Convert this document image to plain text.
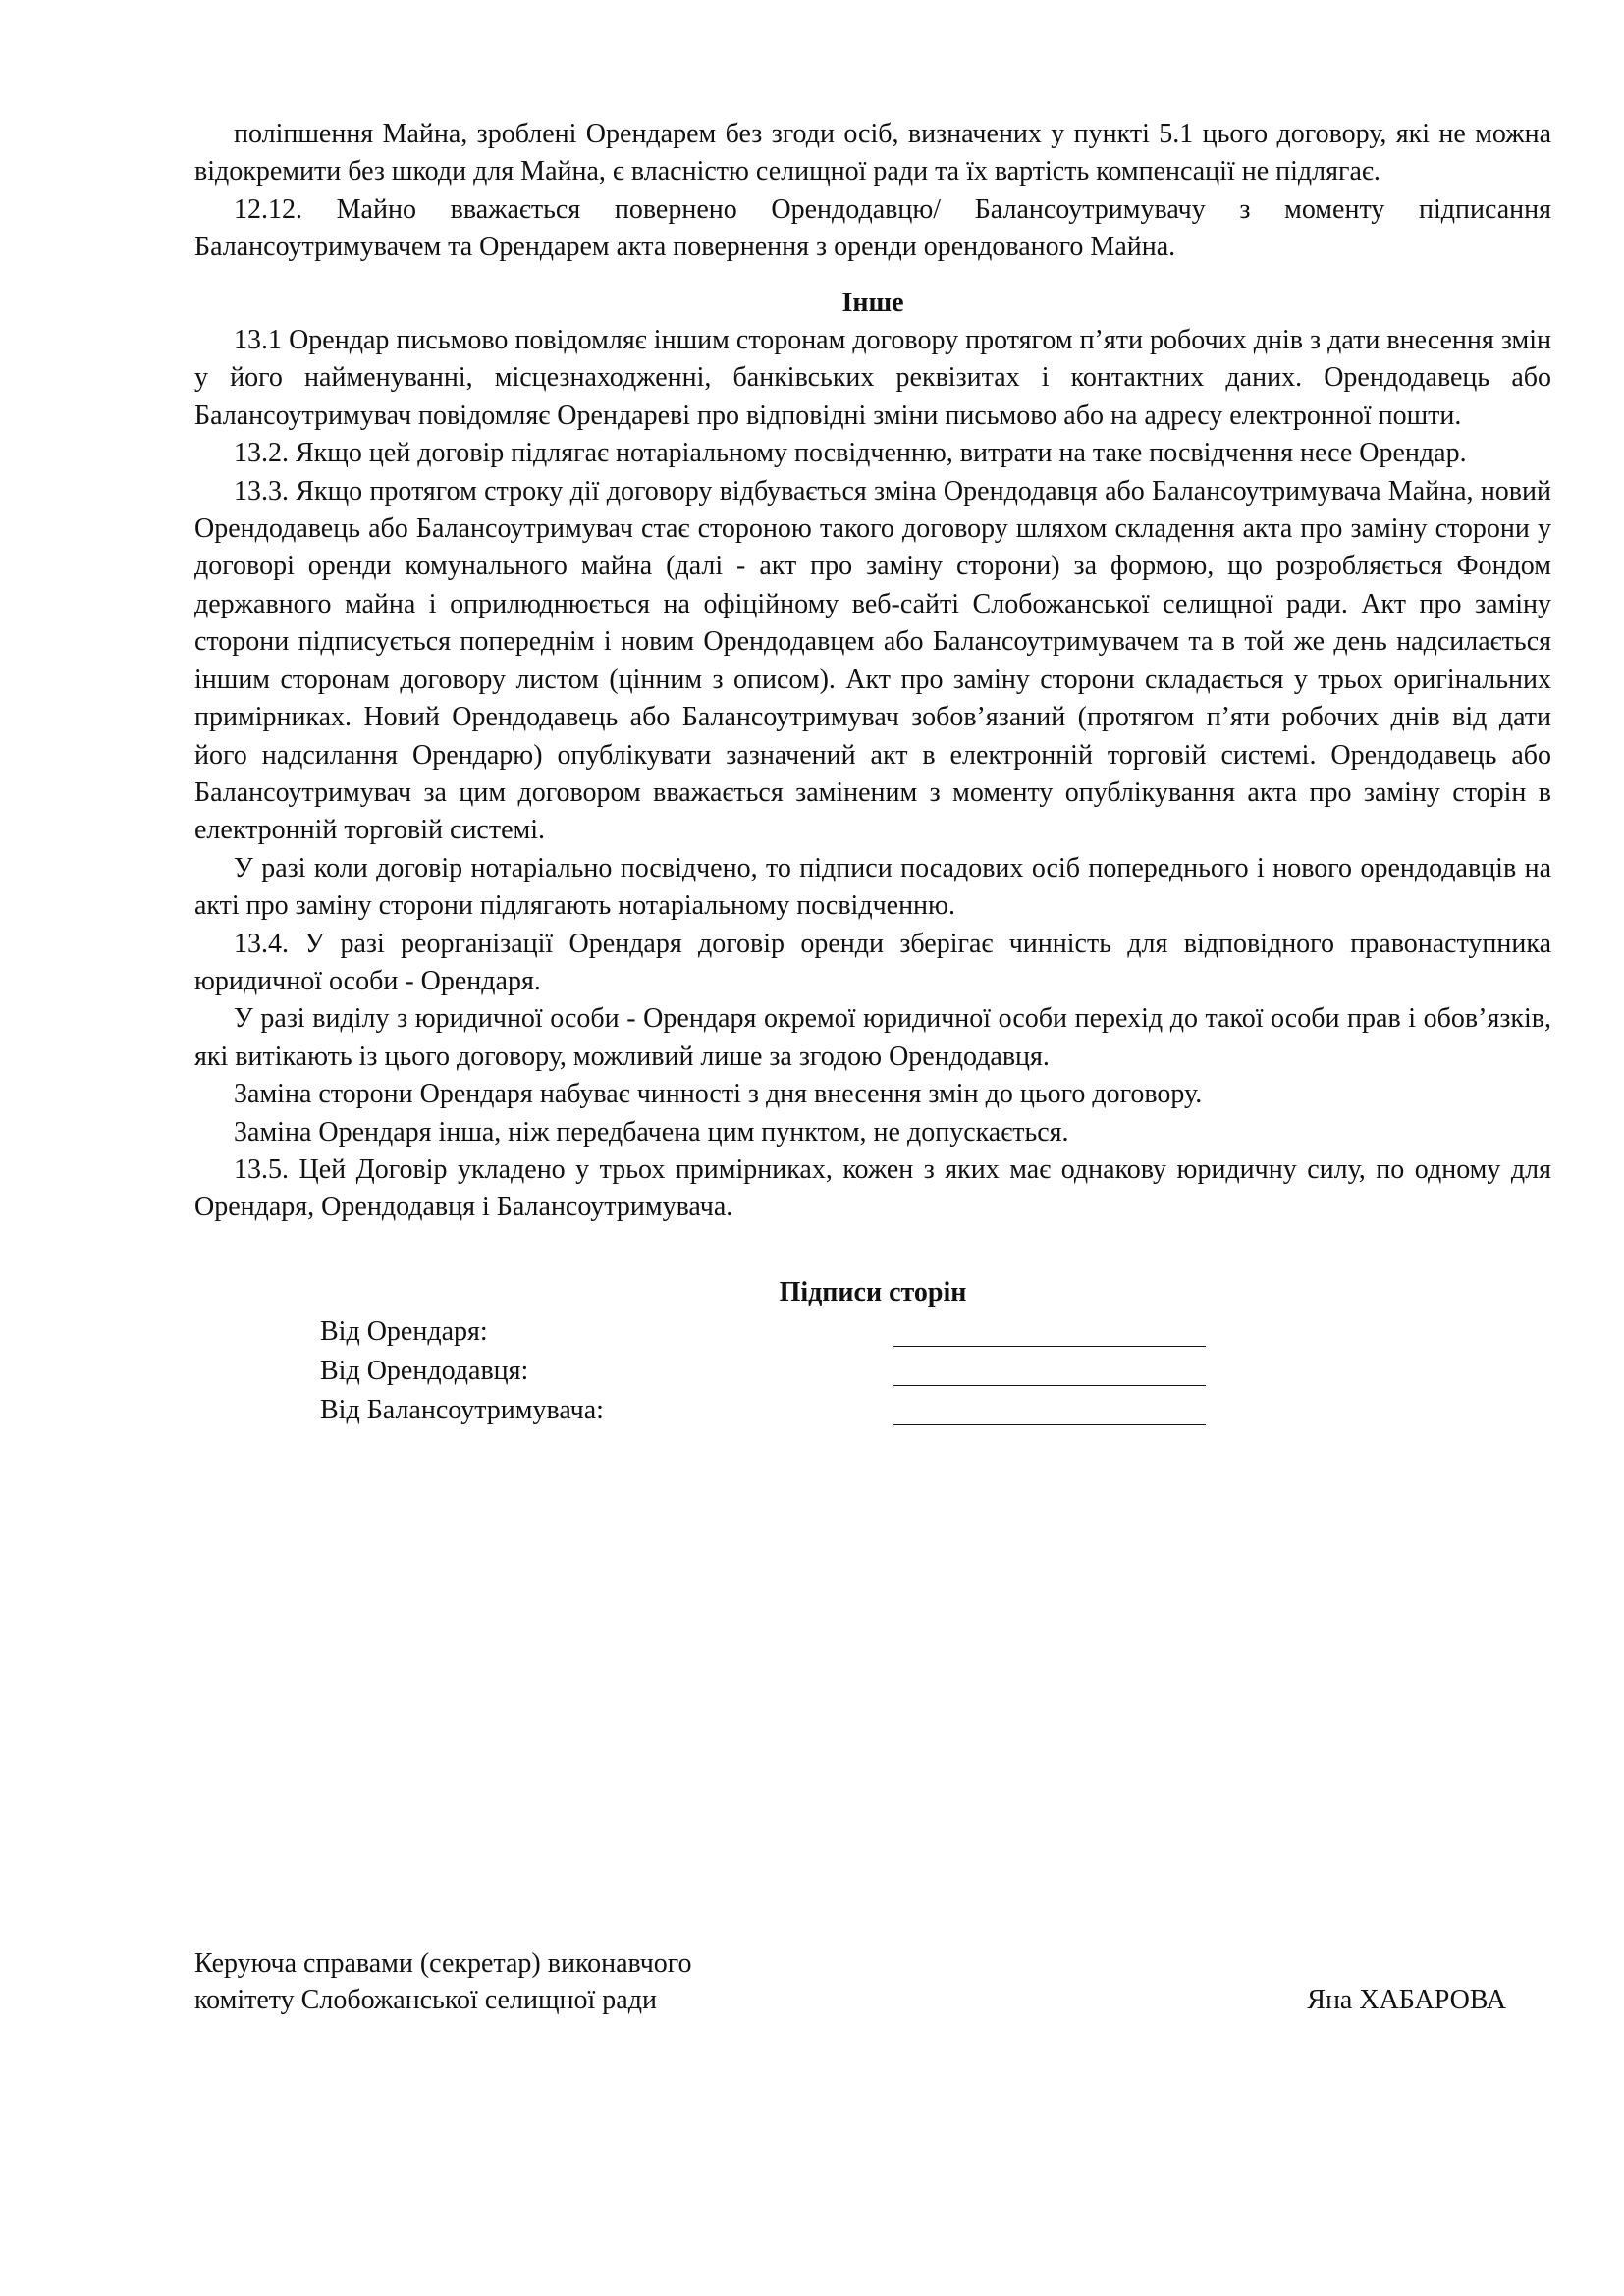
поліпшення Майна, зроблені Орендарем без згоди осіб, визначених у пункті 5.1 цього договору, які не можна відокремити без шкоди для Майна, є власністю селищної ради та їх вартість компенсації не підлягає.

12.12. Майно вважається повернено Орендодавцю/ Балансоутримувачу з моменту підписання Балансоутримувачем та Орендарем акта повернення з оренди орендованого Майна.

Інше

13.1 Орендар письмово повідомляє іншим сторонам договору протягом п’яти робочих днів з дати внесення змін у його найменуванні, місцезнаходженні, банківських реквізитах і контактних даних. Орендодавець або Балансоутримувач повідомляє Орендареві про відповідні зміни письмово або на адресу електронної пошти.

13.2. Якщо цей договір підлягає нотаріальному посвідченню, витрати на таке посвідчення несе Орендар.

13.3. Якщо протягом строку дії договору відбувається зміна Орендодавця або Балансоутримувача Майна, новий Орендодавець або Балансоутримувач стає стороною такого договору шляхом складення акта про заміну сторони у договорі оренди комунального майна (далі - акт про заміну сторони) за формою, що розробляється Фондом державного майна і оприлюднюється на офіційному веб-сайті Слобожанської селищної ради. Акт про заміну сторони підписується попереднім і новим Орендодавцем або Балансоутримувачем та в той же день надсилається іншим сторонам договору листом (цінним з описом). Акт про заміну сторони складається у трьох оригінальних примірниках. Новий Орендодавець або Балансоутримувач зобов’язаний (протягом п’яти робочих днів від дати його надсилання Орендарю) опублікувати зазначений акт в електронній торговій системі. Орендодавець або Балансоутримувач за цим договором вважається заміненим з моменту опублікування акта про заміну сторін в електронній торговій системі.

У разі коли договір нотаріально посвідчено, то підписи посадових осіб попереднього і нового орендодавців на акті про заміну сторони підлягають нотаріальному посвідченню.

13.4. У разі реорганізації Орендаря договір оренди зберігає чинність для відповідного правонаступника юридичної особи - Орендаря.

У разі виділу з юридичної особи - Орендаря окремої юридичної особи перехід до такої особи прав і обов’язків, які витікають із цього договору, можливий лише за згодою Орендодавця.

Заміна сторони Орендаря набуває чинності з дня внесення змін до цього договору.

Заміна Орендаря інша, ніж передбачена цим пунктом, не допускається.

13.5. Цей Договір укладено у трьох примірниках, кожен з яких має однакову юридичну силу, по одному для Орендаря, Орендодавця і Балансоутримувача.

Підписи сторін
Від Орендаря:
Від Орендодавця:
Від Балансоутримувача:
Керуюча справами (секретар) виконавчого
комітету Слобожанської селищної ради	Яна ХАБАРОВА
